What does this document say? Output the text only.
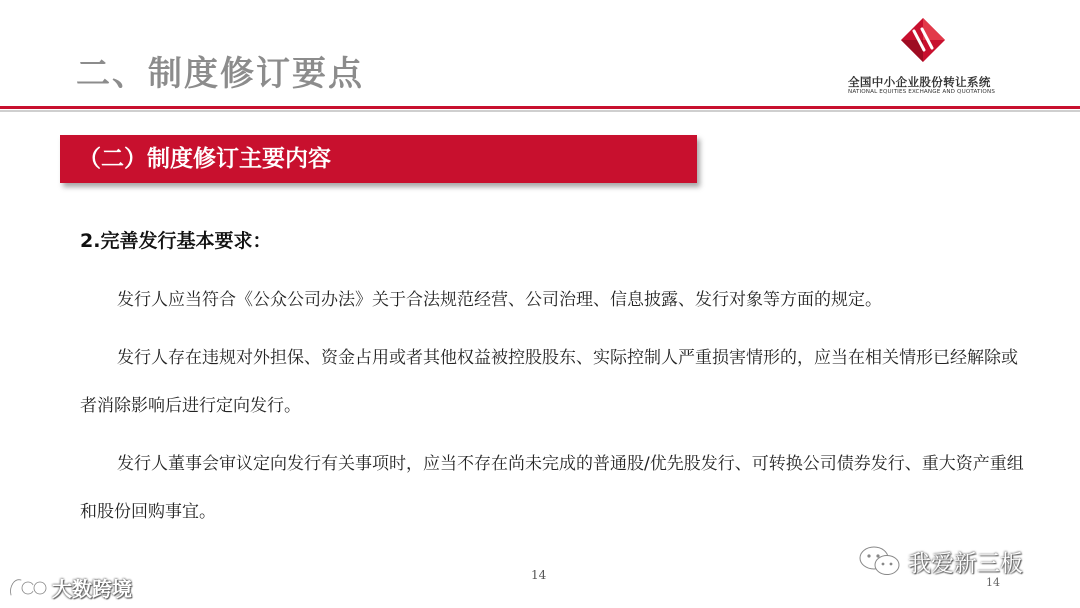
二、制度修订要点	全国中小企业股份转让系统
NATIONAL EQUITIES EXCHANGE AND QUOTATIONS
（二）制度修订主要内容
2.完善发行基本要求：
发行人应当符合《公众公司办法》关于合法规范经营、公司治理、信息披露、发行对象等方面的规定。
发行人存在违规对外担保、资金占用或者其他权益被控股股东、实际控制人严重损害情形的，应当在相关情形已经解除或者消除影响后进行定向发行。
发行人董事会审议定向发行有关事项时，应当不存在尚未完成的普通股/优先股发行、可转换公司债券发行、重大资产重组和股份回购事宜。
14
14
大数跨境
我爱新三板
